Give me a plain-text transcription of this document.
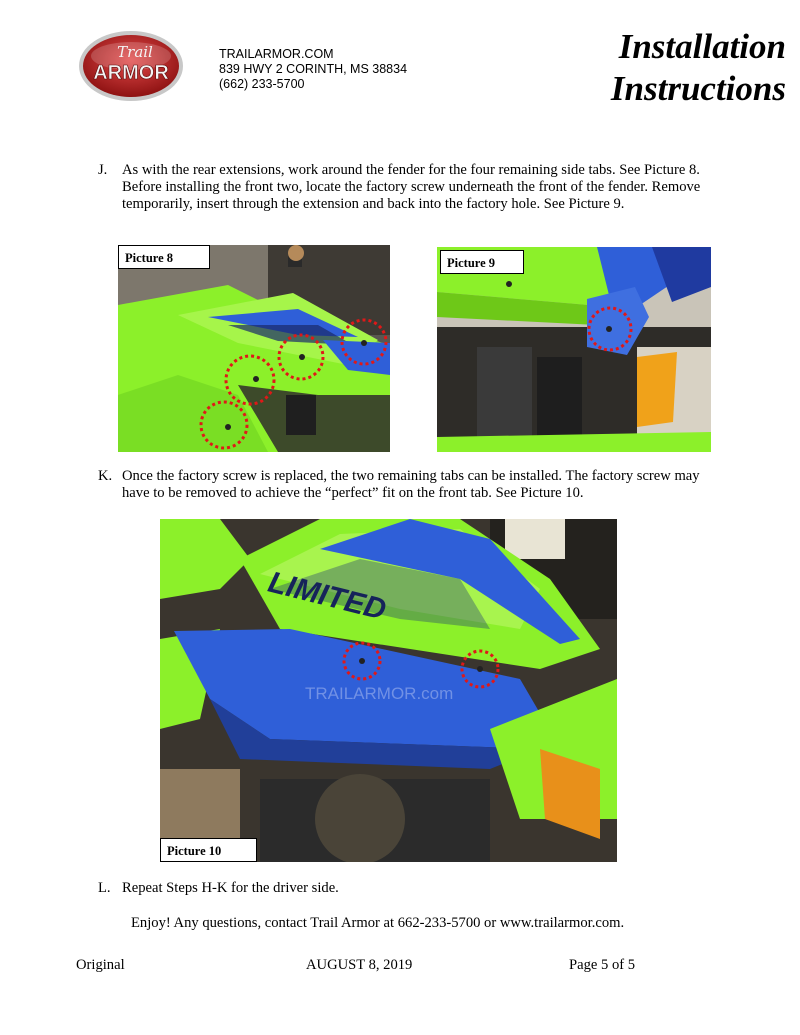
Trail
ARMOR
TRAILARMOR.COM
839 HWY 2 CORINTH, MS 38834
(662) 233-5700
Installation
Instructions
J. As with the rear extensions, work around the fender for the four remaining side tabs. See Picture 8. Before installing the front two, locate the factory screw underneath the front of the fender. Remove temporarily, insert through the extension and back into the factory hole. See Picture 9.
Picture 8	Picture 9
K. Once the factory screw is replaced, the two remaining tabs can be installed. The factory screw may have to be removed to achieve the “perfect” fit on the front tab. See Picture 10.
LIMITED
TRAILARMOR.com
Picture 10
L. Repeat Steps H-K for the driver side.
Enjoy! Any questions, contact Trail Armor at 662-233-5700 or www.trailarmor.com.
Original	AUGUST 8, 2019	Page 5 of 5
